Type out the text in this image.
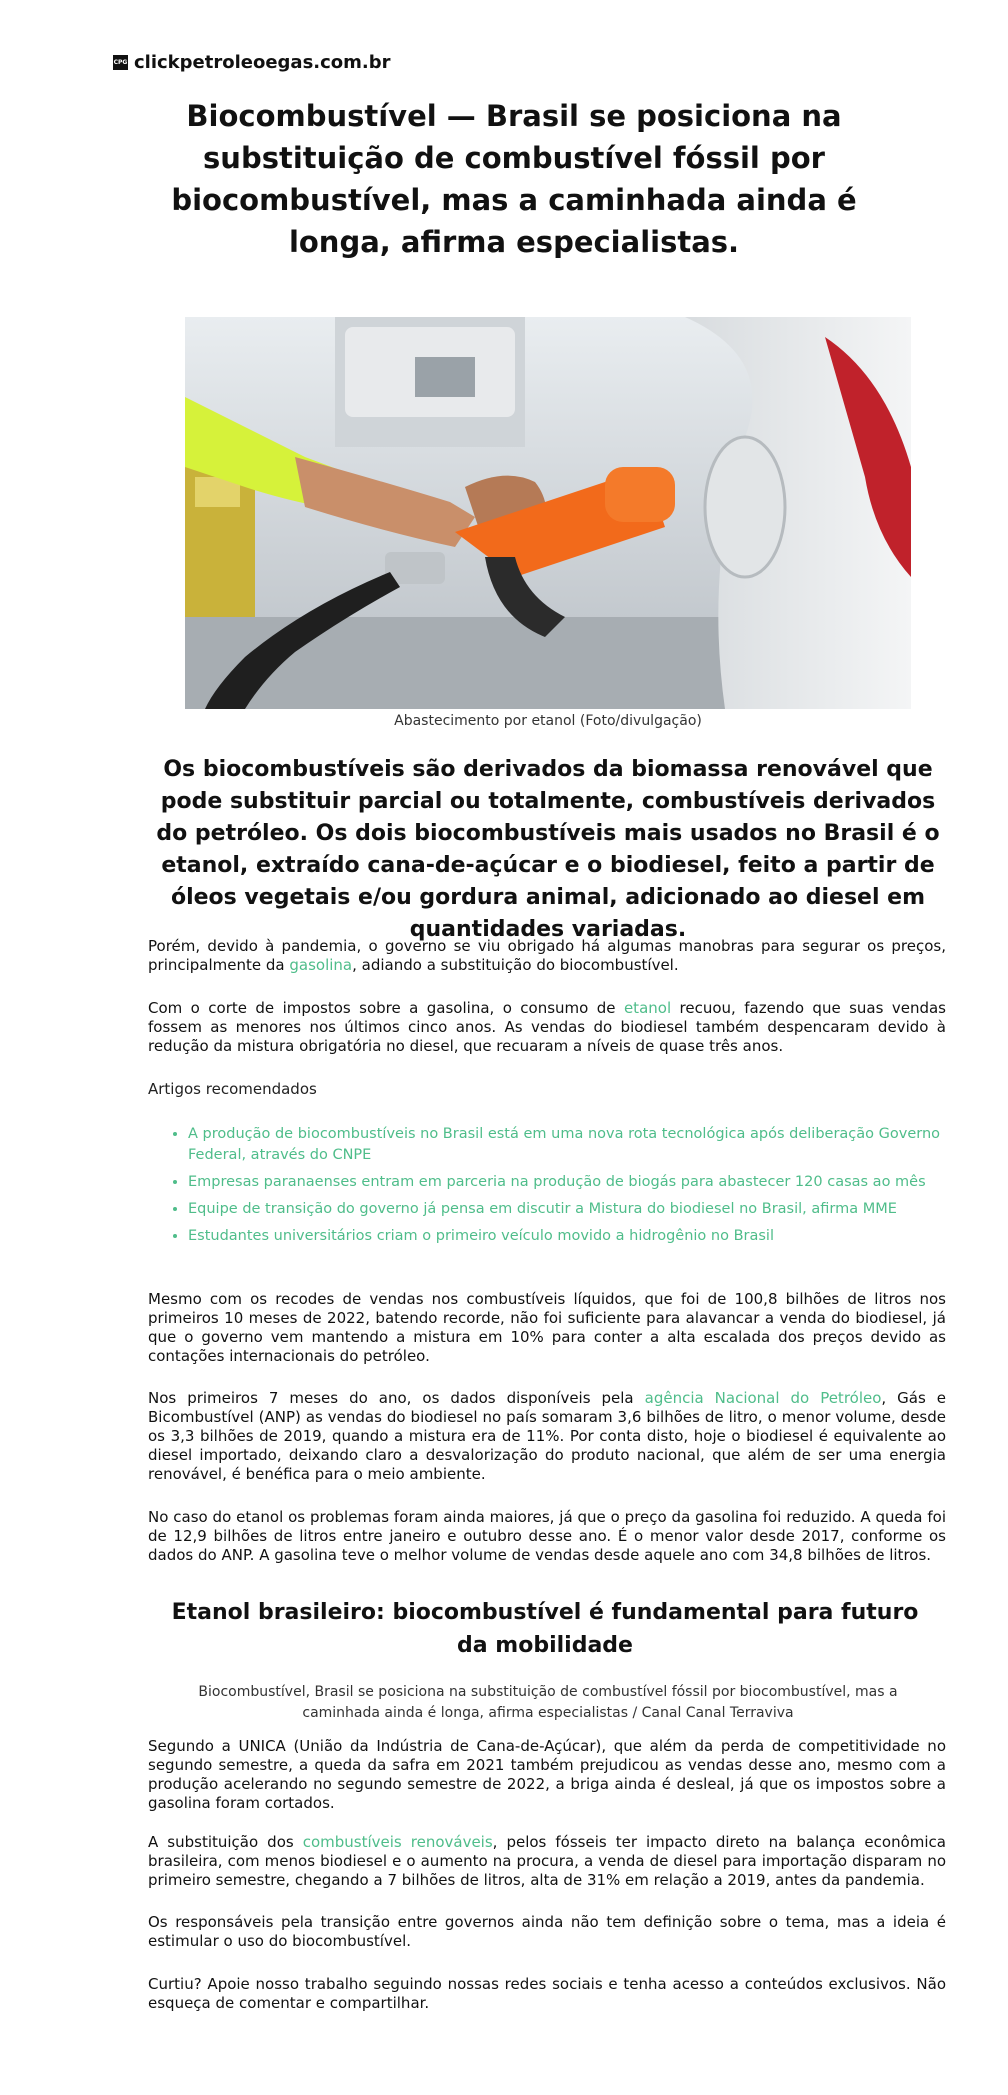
CPG clickpetroleoegas.com.br
Biocombustível — Brasil se posiciona na substituição de combustível fóssil por biocombustível, mas a caminhada ainda é longa, afirma especialistas.
Abastecimento por etanol (Foto/divulgação)

Os biocombustíveis são derivados da biomassa renovável que pode substituir parcial ou totalmente, combustíveis derivados do petróleo. Os dois biocombustíveis mais usados no Brasil é o etanol, extraído cana-de-açúcar e o biodiesel, feito a partir de óleos vegetais e/ou gordura animal, adicionado ao diesel em quantidades variadas.

Porém, devido à pandemia, o governo se viu obrigado há algumas manobras para segurar os preços, principalmente da gasolina, adiando a substituição do biocombustível.

Com o corte de impostos sobre a gasolina, o consumo de etanol recuou, fazendo que suas vendas fossem as menores nos últimos cinco anos. As vendas do biodiesel também despencaram devido à redução da mistura obrigatória no diesel, que recuaram a níveis de quase três anos.

Artigos recomendados

• A produção de biocombustíveis no Brasil está em uma nova rota tecnológica após deliberação Governo Federal, através do CNPE
• Empresas paranaenses entram em parceria na produção de biogás para abastecer 120 casas ao mês
• Equipe de transição do governo já pensa em discutir a Mistura do biodiesel no Brasil, afirma MME
• Estudantes universitários criam o primeiro veículo movido a hidrogênio no Brasil

Mesmo com os recodes de vendas nos combustíveis líquidos, que foi de 100,8 bilhões de litros nos primeiros 10 meses de 2022, batendo recorde, não foi suficiente para alavancar a venda do biodiesel, já que o governo vem mantendo a mistura em 10% para conter a alta escalada dos preços devido as contações internacionais do petróleo.

Nos primeiros 7 meses do ano, os dados disponíveis pela agência Nacional do Petróleo, Gás e Bicombustível (ANP) as vendas do biodiesel no país somaram 3,6 bilhões de litro, o menor volume, desde os 3,3 bilhões de 2019, quando a mistura era de 11%. Por conta disto, hoje o biodiesel é equivalente ao diesel importado, deixando claro a desvalorização do produto nacional, que além de ser uma energia renovável, é benéfica para o meio ambiente.

No caso do etanol os problemas foram ainda maiores, já que o preço da gasolina foi reduzido. A queda foi de 12,9 bilhões de litros entre janeiro e outubro desse ano. É o menor valor desde 2017, conforme os dados do ANP. A gasolina teve o melhor volume de vendas desde aquele ano com 34,8 bilhões de litros.

Etanol brasileiro: biocombustível é fundamental para futuro da mobilidade
Biocombustível, Brasil se posiciona na substituição de combustível fóssil por biocombustível, mas a caminhada ainda é longa, afirma especialistas / Canal Canal Terraviva

Segundo a UNICA (União da Indústria de Cana-de-Açúcar), que além da perda de competitividade no segundo semestre, a queda da safra em 2021 também prejudicou as vendas desse ano, mesmo com a produção acelerando no segundo semestre de 2022, a briga ainda é desleal, já que os impostos sobre a gasolina foram cortados.

A substituição dos combustíveis renováveis, pelos fósseis ter impacto direto na balança econômica brasileira, com menos biodiesel e o aumento na procura, a venda de diesel para importação disparam no primeiro semestre, chegando a 7 bilhões de litros, alta de 31% em relação a 2019, antes da pandemia.

Os responsáveis pela transição entre governos ainda não tem definição sobre o tema, mas a ideia é estimular o uso do biocombustível.

Curtiu? Apoie nosso trabalho seguindo nossas redes sociais e tenha acesso a conteúdos exclusivos. Não esqueça de comentar e compartilhar.
